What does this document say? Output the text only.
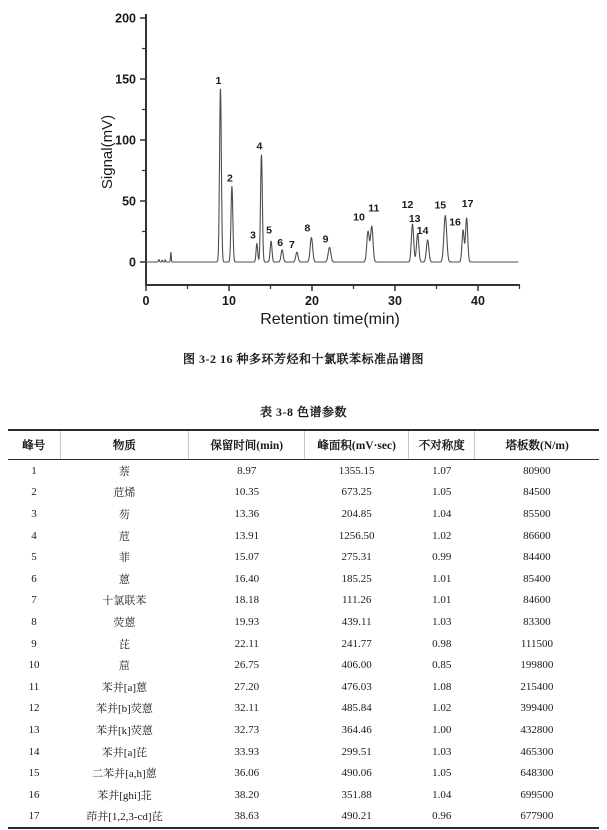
0
50
100
150
200
0	10	20	30	40
Retention time(min)
Signal(mV)
1
2
3
4
5
6 7
8
9
10
11 12
13
14
15
16
17
图 3-2 16 种多环芳烃和十氯联苯标准品谱图
表 3-8 色谱参数
峰号	物质	保留时间(min)	峰面积(mV·sec)	不对称度	塔板数(N/m)
1	萘	8.97	1355.15	1.07	80900
2	苊烯	10.35	673.25	1.05	84500
3	芴	13.36	204.85	1.04	85500
4	苊	13.91	1256.50	1.02	86600
5	菲	15.07	275.31	0.99	84400
6	蒽	16.40	185.25	1.01	85400
7	十氯联苯	18.18	111.26	1.01	84600
8	荧蒽	19.93	439.11	1.03	83300
9	芘	22.11	241.77	0.98	111500
10	䓛	26.75	406.00	0.85	199800
11	苯并[a]蒽	27.20	476.03	1.08	215400
12	苯并[b]荧蒽	32.11	485.84	1.02	399400
13	苯并[k]荧蒽	32.73	364.46	1.00	432800
14	苯并[a]芘	33.93	299.51	1.03	465300
15	二苯并[a,h]蒽	36.06	490.06	1.05	648300
16	苯并[ghi]苝	38.20	351.88	1.04	699500
17	茚并[1,2,3-cd]芘	38.63	490.21	0.96	677900
